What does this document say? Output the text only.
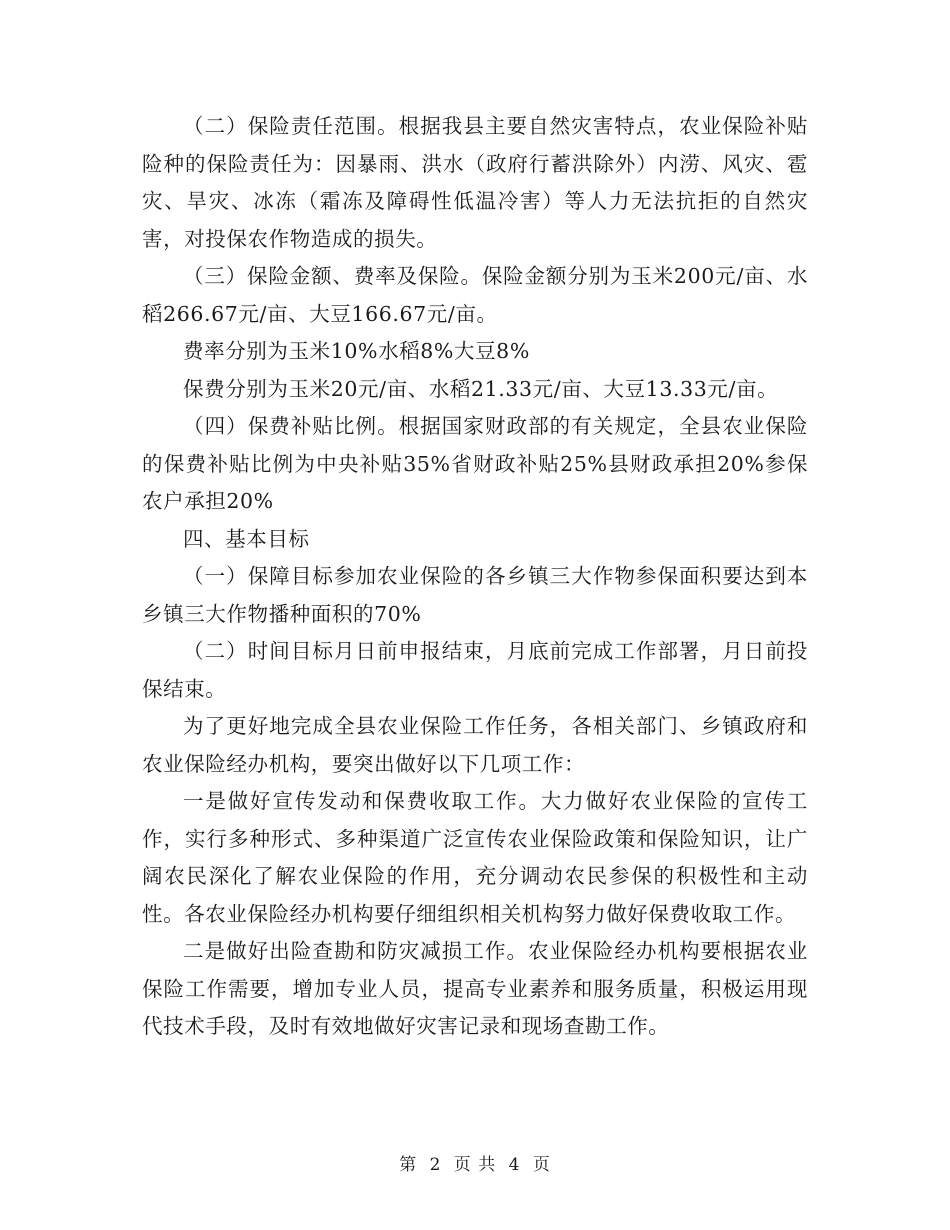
（二）保险责任范围。根据我县主要自然灾害特点，农业保险补贴险种的保险责任为：因暴雨、洪水（政府行蓄洪除外）内涝、风灾、雹灾、旱灾、冰冻（霜冻及障碍性低温冷害）等人力无法抗拒的自然灾害，对投保农作物造成的损失。

（三）保险金额、费率及保险。保险金额分别为玉米200元/亩、水稻266.67元/亩、大豆166.67元/亩。

费率分别为玉米10%水稻8%大豆8%

保费分别为玉米20元/亩、水稻21.33元/亩、大豆13.33元/亩。

（四）保费补贴比例。根据国家财政部的有关规定，全县农业保险的保费补贴比例为中央补贴35%省财政补贴25%县财政承担20%参保农户承担20%

四、基本目标

（一）保障目标参加农业保险的各乡镇三大作物参保面积要达到本乡镇三大作物播种面积的70%

（二）时间目标月日前申报结束，月底前完成工作部署，月日前投保结束。

为了更好地完成全县农业保险工作任务，各相关部门、乡镇政府和农业保险经办机构，要突出做好以下几项工作：

一是做好宣传发动和保费收取工作。大力做好农业保险的宣传工作，实行多种形式、多种渠道广泛宣传农业保险政策和保险知识，让广阔农民深化了解农业保险的作用，充分调动农民参保的积极性和主动性。各农业保险经办机构要仔细组织相关机构努力做好保费收取工作。

二是做好出险查勘和防灾减损工作。农业保险经办机构要根据农业保险工作需要，增加专业人员，提高专业素养和服务质量，积极运用现代技术手段，及时有效地做好灾害记录和现场查勘工作。

第 2 页 共 4 页
